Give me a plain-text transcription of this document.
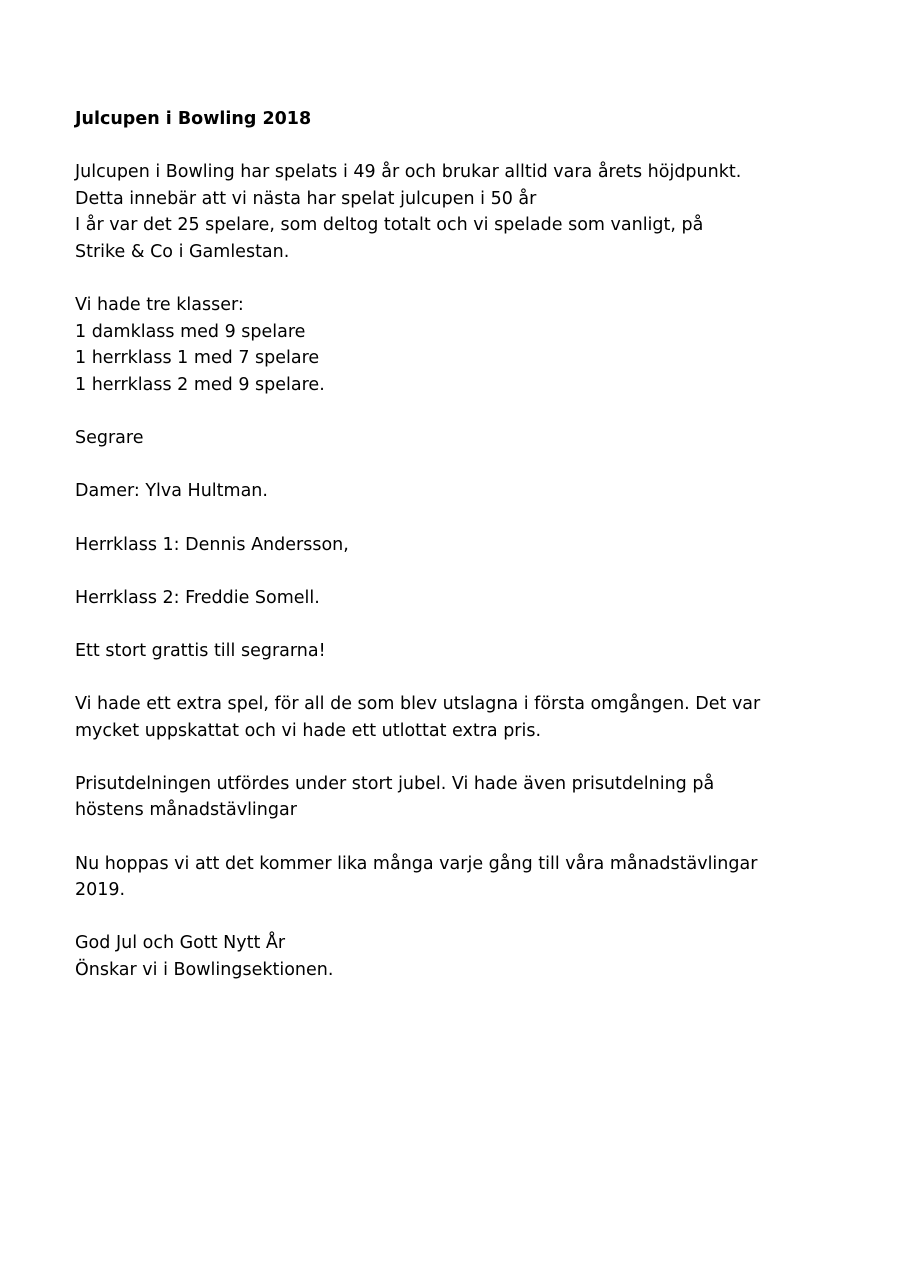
Julcupen i Bowling 2018
Julcupen i Bowling har spelats i 49 år och brukar alltid vara årets höjdpunkt.
Detta innebär att vi nästa har spelat julcupen i 50 år
I år var det 25 spelare, som deltog totalt och vi spelade som vanligt, på
Strike & Co i Gamlestan.
Vi hade tre klasser:
1 damklass med 9 spelare
1 herrklass 1 med 7 spelare
1 herrklass 2 med 9 spelare.
Segrare
Damer: Ylva Hultman.
Herrklass 1: Dennis Andersson,
Herrklass 2: Freddie Somell.
Ett stort grattis till segrarna!
Vi hade ett extra spel, för all de som blev utslagna i första omgången. Det var
mycket uppskattat och vi hade ett utlottat extra pris.
Prisutdelningen utfördes under stort jubel. Vi hade även prisutdelning på
höstens månadstävlingar
Nu hoppas vi att det kommer lika många varje gång till våra månadstävlingar
2019.
God Jul och Gott Nytt År
Önskar vi i Bowlingsektionen.
